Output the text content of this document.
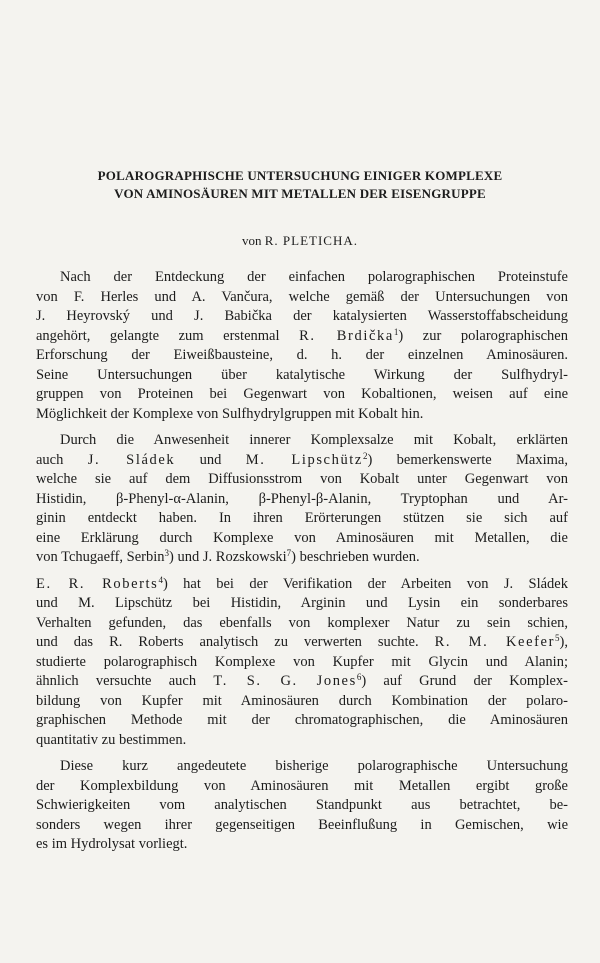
POLAROGRAPHISCHE UNTERSUCHUNG EINIGER KOMPLEXE
VON AMINOSÄUREN MIT METALLEN DER EISENGRUPPE
von R. PLETICHA.
Nach der Entdeckung der einfachen polarographischen Proteinstufe
von F. Herles und A. Vančura, welche gemäß der Untersuchungen von
J. Heyrovský und J. Babička der katalysierten Wasserstoffabscheidung
angehört, gelangte zum erstenmal R. Brdička$^1$) zur polarographischen
Erforschung der Eiweißbausteine, d. h. der einzelnen Aminosäuren.
Seine Untersuchungen über katalytische Wirkung der Sulfhydryl-
gruppen von Proteinen bei Gegenwart von Kobaltionen, weisen auf eine
Möglichkeit der Komplexe von Sulfhydrylgruppen mit Kobalt hin.
Durch die Anwesenheit innerer Komplexsalze mit Kobalt, erklärten
auch J. Sládek und M. Lipschütz$^2$) bemerkenswerte Maxima,
welche sie auf dem Diffusionsstrom von Kobalt unter Gegenwart von
Histidin, β-Phenyl-α-Alanin, β-Phenyl-β-Alanin, Tryptophan und Ar-
ginin entdeckt haben. In ihren Erörterungen stützen sie sich auf
eine Erklärung durch Komplexe von Aminosäuren mit Metallen, die
von Tchugaeff, Serbin$^3$) und J. Rozskowski$^7$) beschrieben wurden.
E. R. Roberts$^4$) hat bei der Verifikation der Arbeiten von J. Sládek
und M. Lipschütz bei Histidin, Arginin und Lysin ein sonderbares
Verhalten gefunden, das ebenfalls von komplexer Natur zu sein schien,
und das R. Roberts analytisch zu verwerten suchte. R. M. Keefer$^5$),
studierte polarographisch Komplexe von Kupfer mit Glycin und Alanin;
ähnlich versuchte auch T. S. G. Jones$^6$) auf Grund der Komplex-
bildung von Kupfer mit Aminosäuren durch Kombination der polaro-
graphischen Methode mit der chromatographischen, die Aminosäuren
quantitativ zu bestimmen.
Diese kurz angedeutete bisherige polarographische Untersuchung
der Komplexbildung von Aminosäuren mit Metallen ergibt große
Schwierigkeiten vom analytischen Standpunkt aus betrachtet, be-
sonders wegen ihrer gegenseitigen Beeinflußung in Gemischen, wie
es im Hydrolysat vorliegt.
